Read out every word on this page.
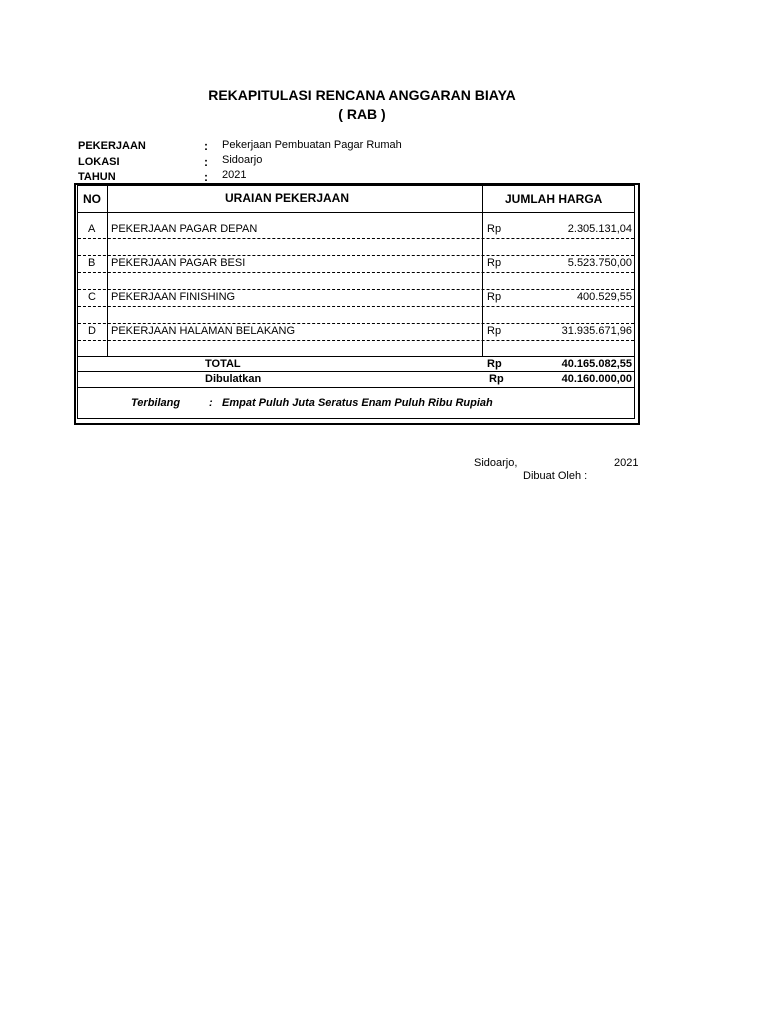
REKAPITULASI RENCANA ANGGARAN BIAYA
( RAB )
PEKERJAAN	: Pekerjaan Pembuatan Pagar Rumah
LOKASI	: Sidoarjo
TAHUN	: 2021
NO	URAIAN PEKERJAAN	JUMLAH HARGA
A PEKERJAAN PAGAR DEPAN	Rp	2.305.131,04
B PEKERJAAN PAGAR BESI	Rp	5.523.750,00
C PEKERJAAN FINISHING	Rp	400.529,55
D PEKERJAAN HALAMAN BELAKANG	Rp	31.935.671,96
TOTAL	Rp	40.165.082,55
Dibulatkan	Rp	40.160.000,00
Terbilang	: Empat Puluh Juta Seratus Enam Puluh Ribu Rupiah
Sidoarjo,	2021
Dibuat Oleh :
